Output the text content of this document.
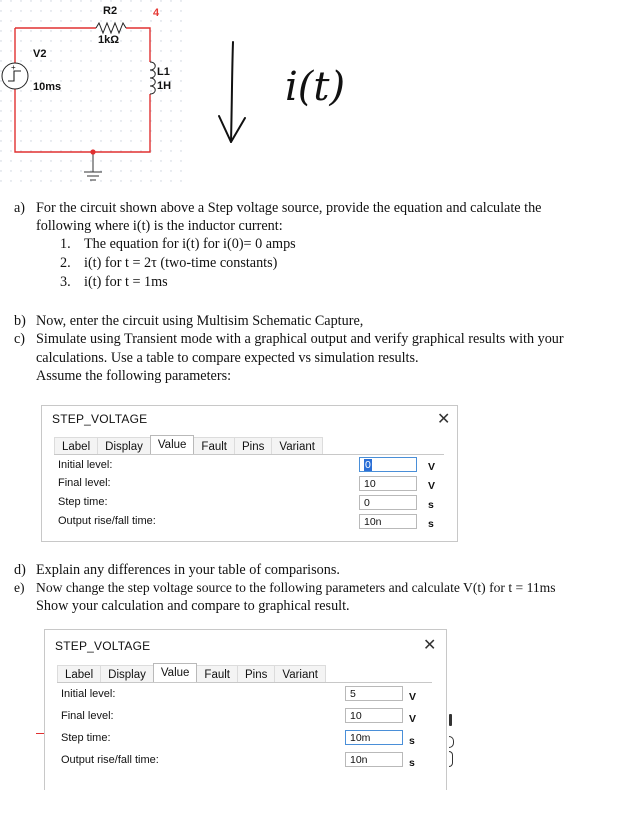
R2
1kΩ
4
+
V2
10ms
L1
1H	i(t)
a) For the circuit shown above a Step voltage source, provide the equation and calculate the
following where i(t) is the inductor current:
1. The equation for i(t) for i(0)= 0 amps
2. i(t) for t = 2τ (two-time constants)
3. i(t) for t = 1ms
b) Now, enter the circuit using Multisim Schematic Capture,
c) Simulate using Transient mode with a graphical output and verify graphical results with your
calculations. Use a table to compare expected vs simulation results.
Assume the following parameters:
STEP_VOLTAGE	✕
Label	Display	Value	Fault	Pins	Variant
Initial level:	0	V
Final level:	10	V
Step time:	0	s
Output rise/fall time:	10n	s
d) Explain any differences in your table of comparisons.
e) Now change the step voltage source to the following parameters and calculate V(t) for t = 11ms
Show your calculation and compare to graphical result.
STEP_VOLTAGE	✕
Label	Display	Value	Fault	Pins	Variant
Initial level:	5	V
Final level:	10	V
Step time:	10m	s
Output rise/fall time:	10n	s
